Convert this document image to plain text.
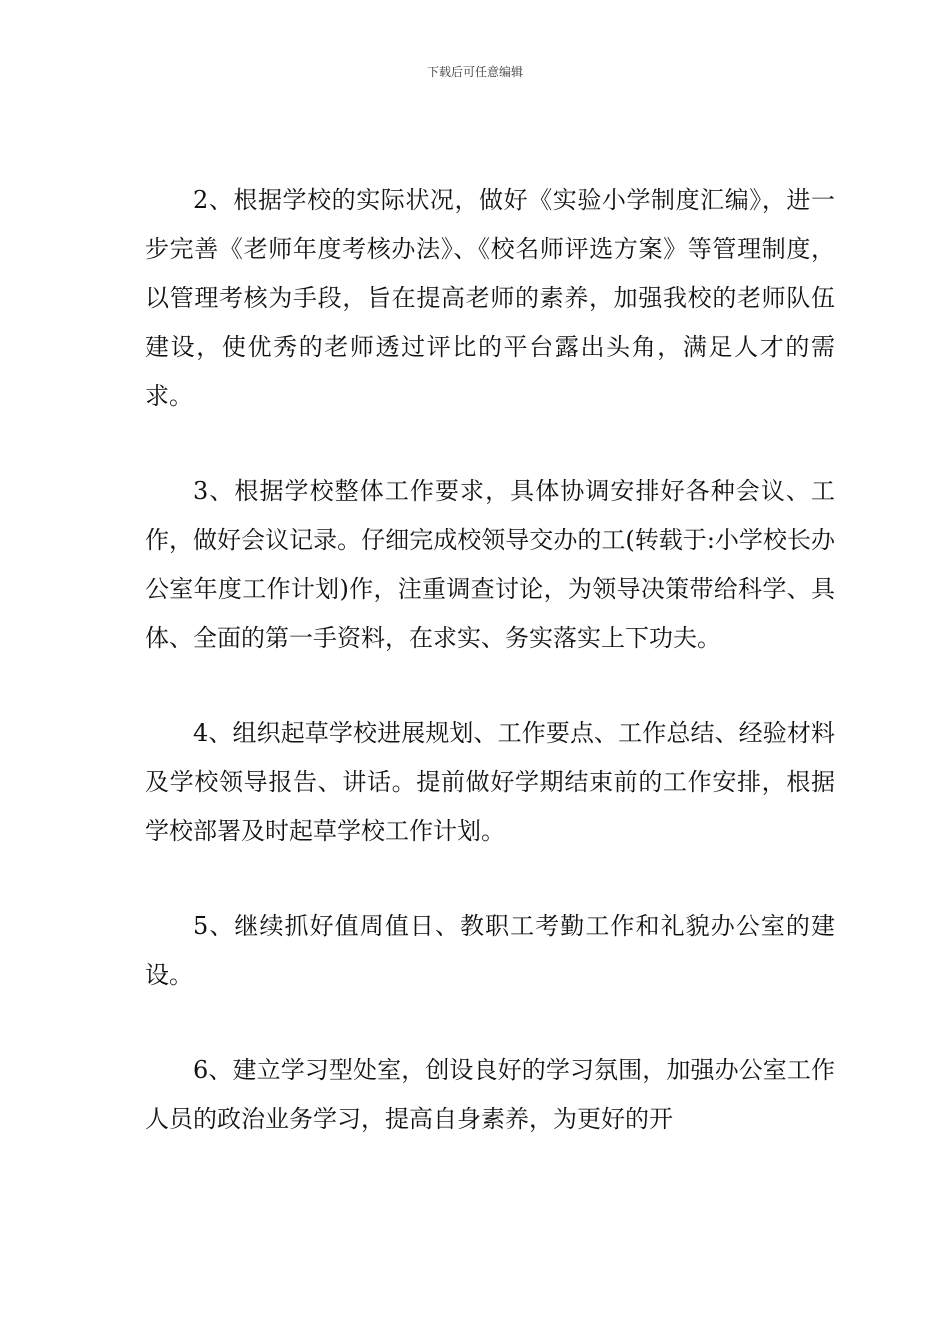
下载后可任意编辑

2、根据学校的实际状况，做好《实验小学制度汇编》，进一步完善《老师年度考核办法》、《校名师评选方案》等管理制度，以管理考核为手段，旨在提高老师的素养，加强我校的老师队伍建设，使优秀的老师透过评比的平台露出头角，满足人才的需求。

3、根据学校整体工作要求，具体协调安排好各种会议、工作，做好会议记录。仔细完成校领导交办的工(转载于:小学校长办公室年度工作计划)作，注重调查讨论，为领导决策带给科学、具体、全面的第一手资料，在求实、务实落实上下功夫。

4、组织起草学校进展规划、工作要点、工作总结、经验材料及学校领导报告、讲话。提前做好学期结束前的工作安排，根据学校部署及时起草学校工作计划。

5、继续抓好值周值日、教职工考勤工作和礼貌办公室的建设。

6、建立学习型处室，创设良好的学习氛围，加强办公室工作人员的政治业务学习，提高自身素养，为更好的开
